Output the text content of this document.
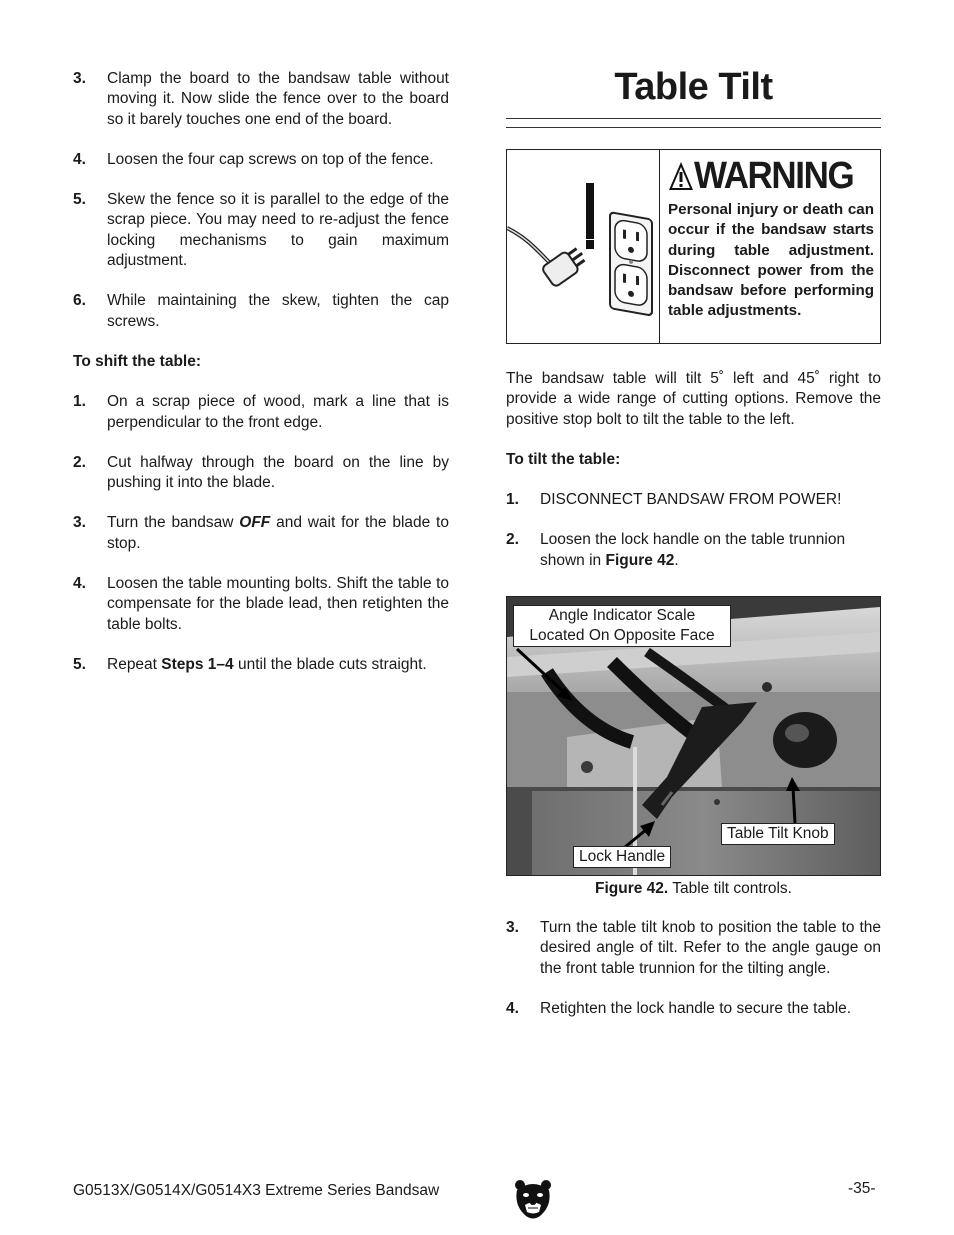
3.	Clamp the board to the bandsaw table without moving it. Now slide the fence over to the board so it barely touches one end of the board.
4.	Loosen the four cap screws on top of the fence.
5.	Skew the fence so it is parallel to the edge of the scrap piece. You may need to re-adjust the fence locking mechanisms to gain maximum adjustment.
6.	While maintaining the skew, tighten the cap screws.
To shift the table:
1.	On a scrap piece of wood, mark a line that is perpendicular to the front edge.
2.	Cut halfway through the board on the line by pushing it into the blade.
3.	Turn the bandsaw OFF and wait for the blade to stop.
4.	Loosen the table mounting bolts. Shift the table to compensate for the blade lead, then retighten the table bolts.
5.	Repeat Steps 1–4 until the blade cuts straight.
Table Tilt
WARNING
Personal injury or death can occur if the bandsaw starts during table adjustment. Disconnect power from the bandsaw before performing table adjustments.
The bandsaw table will tilt 5˚ left and 45˚ right to provide a wide range of cutting options. Remove the positive stop bolt to tilt the table to the left.
To tilt the table:
1.	DISCONNECT BANDSAW FROM POWER!
2.	Loosen the lock handle on the table trunnion shown in Figure 42.
Angle Indicator Scale
Located On Opposite Face
Table Tilt Knob
Lock Handle
Figure 42. Table tilt controls.
3.	Turn the table tilt knob to position the table to the desired angle of tilt. Refer to the angle gauge on the front table trunnion for the tilting angle.
4.	Retighten the lock handle to secure the table.
G0513X/G0514X/G0514X3 Extreme Series Bandsaw	-35-
